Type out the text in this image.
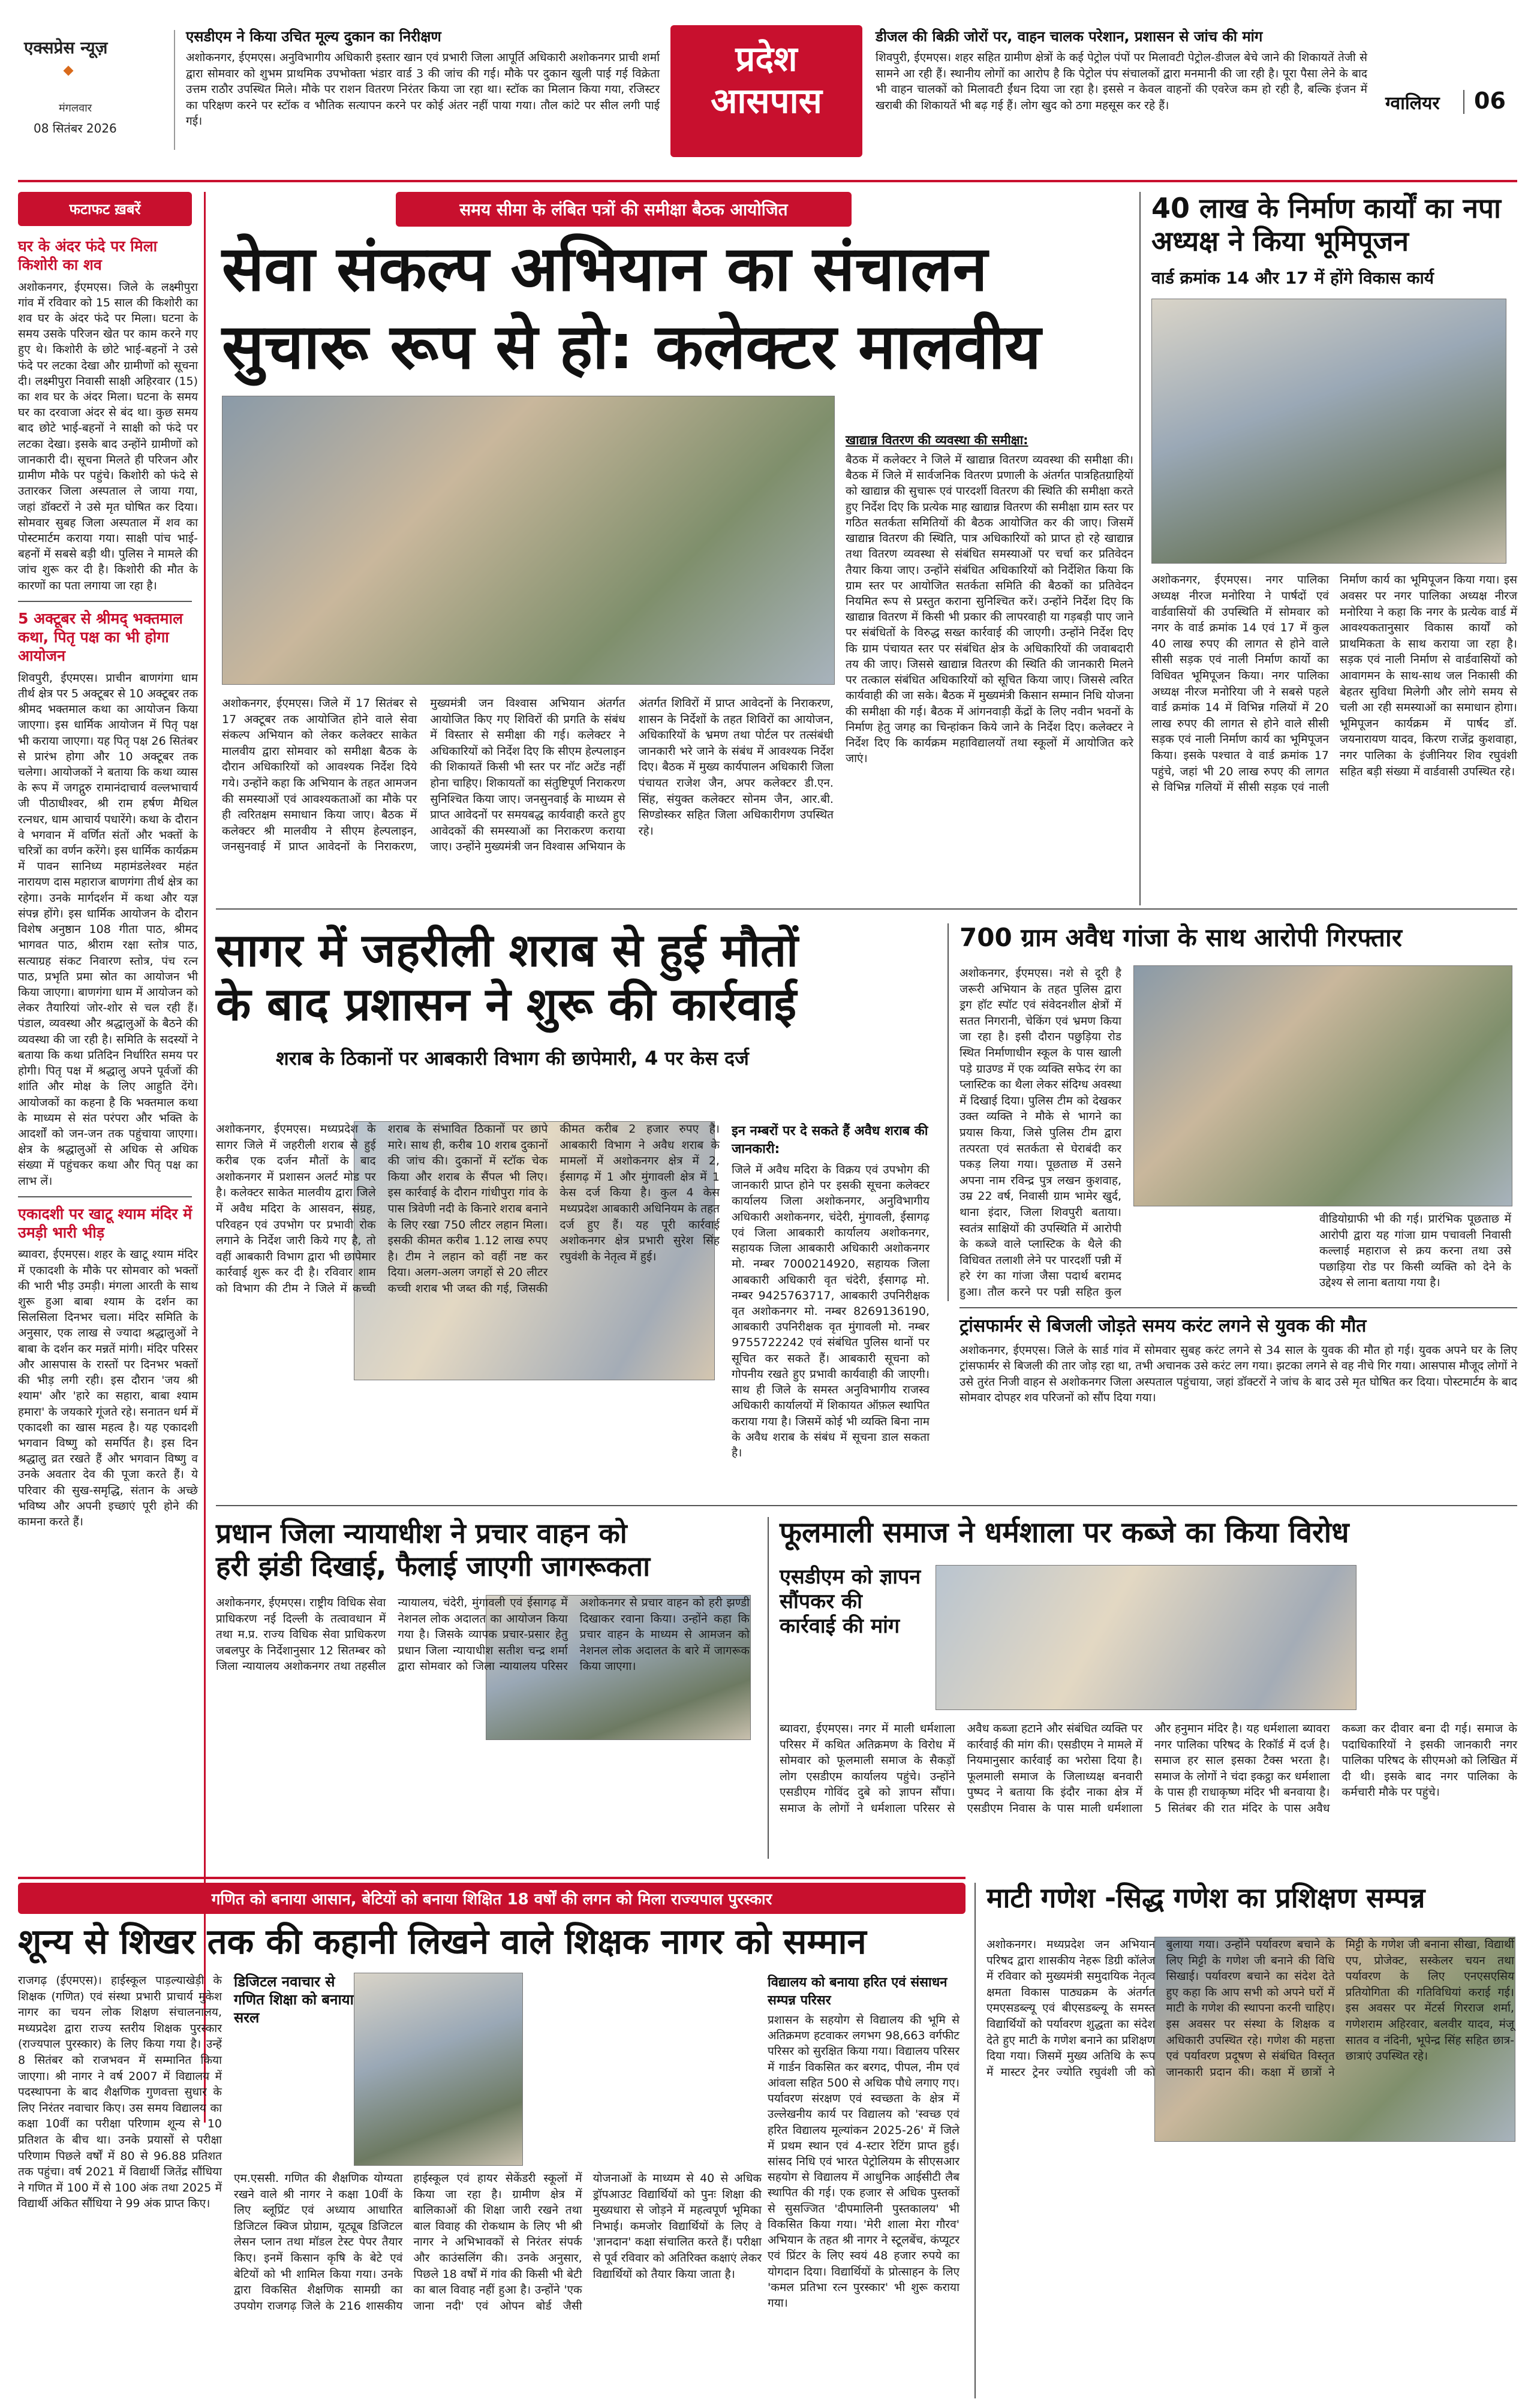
एक्सप्रेस न्यूज़
मंगलवार
08 सितंबर 2026
एसडीएम ने किया उचित मूल्य दुकान का निरीक्षण
अशोकनगर, ईएमएस। अनुविभागीय अधिकारी इस्तार खान एवं प्रभारी जिला आपूर्ति अधिकारी अशोकनगर प्राची शर्मा द्वारा सोमवार को शुभम प्राथमिक उपभोक्ता भंडार वार्ड 3 की जांच की गई। मौके पर दुकान खुली पाई गई विक्रेता उत्तम राठौर उपस्थित मिले। मौके पर राशन वितरण निरंतर किया जा रहा था। स्टॉक का मिलान किया गया, रजिस्टर का परिक्षण करने पर स्टॉक व भौतिक सत्यापन करने पर कोई अंतर नहीं पाया गया। तौल कांटे पर सील लगी पाई गई।
प्रदेश
आसपास
डीजल की बिक्री जोरों पर, वाहन चालक परेशान, प्रशासन से जांच की मांग
शिवपुरी, ईएमएस। शहर सहित ग्रामीण क्षेत्रों के कई पेट्रोल पंपों पर मिलावटी पेट्रोल-डीजल बेचे जाने की शिकायतें तेजी से सामने आ रही हैं। स्थानीय लोगों का आरोप है कि पेट्रोल पंप संचालकों द्वारा मनमानी की जा रही है। पूरा पैसा लेने के बाद भी वाहन चालकों को मिलावटी ईंधन दिया जा रहा है। इससे न केवल वाहनों की एवरेज कम हो रही है, बल्कि इंजन में खराबी की शिकायतें भी बढ़ गई हैं। लोग खुद को ठगा महसूस कर रहे हैं।	ग्वालियर 06
फटाफट ख़बरें
घर के अंदर फंदे पर मिला किशोरी का शव
अशोकनगर, ईएमएस। जिले के लक्ष्मीपुरा गांव में रविवार को 15 साल की किशोरी का शव घर के अंदर फंदे पर मिला। घटना के समय उसके परिजन खेत पर काम करने गए हुए थे। किशोरी के छोटे भाई-बहनों ने उसे फंदे पर लटका देखा और ग्रामीणों को सूचना दी। लक्ष्मीपुरा निवासी साक्षी अहिरवार (15) का शव घर के अंदर मिला। घटना के समय घर का दरवाजा अंदर से बंद था। कुछ समय बाद छोटे भाई-बहनों ने साक्षी को फंदे पर लटका देखा। इसके बाद उन्होंने ग्रामीणों को जानकारी दी। सूचना मिलते ही परिजन और ग्रामीण मौके पर पहुंचे। किशोरी को फंदे से उतारकर जिला अस्पताल ले जाया गया, जहां डॉक्टरों ने उसे मृत घोषित कर दिया। सोमवार सुबह जिला अस्पताल में शव का पोस्टमार्टम कराया गया। साक्षी पांच भाई-बहनों में सबसे बड़ी थी। पुलिस ने मामले की जांच शुरू कर दी है। किशोरी की मौत के कारणों का पता लगाया जा रहा है।
5 अक्टूबर से श्रीमद् भक्तमाल कथा, पितृ पक्ष का भी होगा आयोजन
शिवपुरी, ईएमएस। प्राचीन बाणगंगा धाम तीर्थ क्षेत्र पर 5 अक्टूबर से 10 अक्टूबर तक श्रीमद भक्तमाल कथा का आयोजन किया जाएगा। इस धार्मिक आयोजन में पितृ पक्ष भी कराया जाएगा। यह पितृ पक्ष 26 सितंबर से प्रारंभ होगा और 10 अक्टूबर तक चलेगा। आयोजकों ने बताया कि कथा व्यास के रूप में जगद्गुरु रामानंदाचार्य वल्लभाचार्य जी पीठाधीश्वर, श्री राम हर्षण मैथिल रत्नधर, धाम आचार्य पधारेंगे। कथा के दौरान वे भगवान में वर्णित संतों और भक्तों के चरित्रों का वर्णन करेंगे। इस धार्मिक कार्यक्रम में पावन सानिध्य महामंडलेश्वर महंत नारायण दास महाराज बाणगंगा तीर्थ क्षेत्र का रहेगा। उनके मार्गदर्शन में कथा और यज्ञ संपन्न होंगे। इस धार्मिक आयोजन के दौरान विशेष अनुष्ठान 108 गीता पाठ, श्रीमद भागवत पाठ, श्रीराम रक्षा स्तोत्र पाठ, सत्याग्रह संकट निवारण स्तोत्र, पंच रत्न पाठ, प्रभृति प्रमा स्रोत का आयोजन भी किया जाएगा। बाणगंगा धाम में आयोजन को लेकर तैयारियां जोर-शोर से चल रही हैं। पंडाल, व्यवस्था और श्रद्धालुओं के बैठने की व्यवस्था की जा रही है। समिति के सदस्यों ने बताया कि कथा प्रतिदिन निर्धारित समय पर होगी। पितृ पक्ष में श्रद्धालु अपने पूर्वजों की शांति और मोक्ष के लिए आहुति देंगे। आयोजकों का कहना है कि भक्तमाल कथा के माध्यम से संत परंपरा और भक्ति के आदर्शों को जन-जन तक पहुंचाया जाएगा। क्षेत्र के श्रद्धालुओं से अधिक से अधिक संख्या में पहुंचकर कथा और पितृ पक्ष का लाभ लें।
एकादशी पर खाटू श्याम मंदिर में उमड़ी भारी भीड़
ब्यावरा, ईएमएस। शहर के खाटू श्याम मंदिर में एकादशी के मौके पर सोमवार को भक्तों की भारी भीड़ उमड़ी। मंगला आरती के साथ शुरू हुआ बाबा श्याम के दर्शन का सिलसिला दिनभर चला। मंदिर समिति के अनुसार, एक लाख से ज्यादा श्रद्धालुओं ने बाबा के दर्शन कर मन्नतें मांगी। मंदिर परिसर और आसपास के रास्तों पर दिनभर भक्तों की भीड़ लगी रही। इस दौरान 'जय श्री श्याम' और 'हारे का सहारा, बाबा श्याम हमारा' के जयकारे गूंजते रहे। सनातन धर्म में एकादशी का खास महत्व है। यह एकादशी भगवान विष्णु को समर्पित है। इस दिन श्रद्धालु व्रत रखते हैं और भगवान विष्णु व उनके अवतार देव की पूजा करते हैं। ये परिवार की सुख-समृद्धि, संतान के अच्छे भविष्य और अपनी इच्छाएं पूरी होने की कामना करते हैं।
समय सीमा के लंबित पत्रों की समीक्षा बैठक आयोजित
सेवा संकल्प अभियान का संचालन
सुचारू रूप से हो: कलेक्टर मालवीय
अशोकनगर, ईएमएस। जिले में 17 सितंबर से 17 अक्टूबर तक आयोजित होने वाले सेवा संकल्प अभियान को लेकर कलेक्टर साकेत मालवीय द्वारा सोमवार को समीक्षा बैठक के दौरान अधिकारियों को आवश्यक निर्देश दिये गये। उन्होंने कहा कि अभियान के तहत आमजन की समस्याओं एवं आवश्यकताओं का मौके पर ही त्वरितक्षम समाधान किया जाए। बैठक में कलेक्टर श्री मालवीय ने सीएम हेल्पलाइन, जनसुनवाई में प्राप्त आवेदनों के निराकरण, मुख्यमंत्री जन विश्वास अभियान अंतर्गत आयोजित किए गए शिविरों की प्रगति के संबंध में विस्तार से समीक्षा की गई। कलेक्टर ने अधिकारियों को निर्देश दिए कि सीएम हेल्पलाइन की शिकायतें किसी भी स्तर पर नॉट अटेंड नहीं होना चाहिए। शिकायतों का संतुष्टिपूर्ण निराकरण सुनिश्चित किया जाए। जनसुनवाई के माध्यम से प्राप्त आवेदनों पर समयबद्ध कार्यवाही करते हुए आवेदकों की समस्याओं का निराकरण कराया जाए। उन्होंने मुख्यमंत्री जन विश्वास अभियान के अंतर्गत शिविरों में प्राप्त आवेदनों के निराकरण, शासन के निर्देशों के तहत शिविरों का आयोजन, अधिकारियों के भ्रमण तथा पोर्टल पर तत्संबंधी जानकारी भरे जाने के संबंध में आवश्यक निर्देश दिए। बैठक में मुख्य कार्यपालन अधिकारी जिला पंचायत राजेश जैन, अपर कलेक्टर डी.एन. सिंह, संयुक्त कलेक्टर सोनम जैन, आर.बी. सिण्डोस्कर सहित जिला अधिकारीगण उपस्थित रहे।
खाद्यान्न वितरण की व्यवस्था की समीक्षा:
बैठक में कलेक्टर ने जिले में खाद्यान्न वितरण व्यवस्था की समीक्षा की। बैठक में जिले में सार्वजनिक वितरण प्रणाली के अंतर्गत पात्रहितग्राहियों को खाद्यान्न की सुचारू एवं पारदर्शी वितरण की स्थिति की समीक्षा करते हुए निर्देश दिए कि प्रत्येक माह खाद्यान्न वितरण की समीक्षा ग्राम स्तर पर गठित सतर्कता समितियों की बैठक आयोजित कर की जाए। जिसमें खाद्यान्न वितरण की स्थिति, पात्र अधिकारियों को प्राप्त हो रहे खाद्यान्न तथा वितरण व्यवस्था से संबंधित समस्याओं पर चर्चा कर प्रतिवेदन तैयार किया जाए। उन्होंने संबंधित अधिकारियों को निर्देशित किया कि ग्राम स्तर पर आयोजित सतर्कता समिति की बैठकों का प्रतिवेदन नियमित रूप से प्रस्तुत कराना सुनिश्चित करें। उन्होंने निर्देश दिए कि खाद्यान्न वितरण में किसी भी प्रकार की लापरवाही या गड़बड़ी पाए जाने पर संबंधितों के विरुद्ध सख्त कार्रवाई की जाएगी। उन्होंने निर्देश दिए कि ग्राम पंचायत स्तर पर संबंधित क्षेत्र के अधिकारियों की जवाबदारी तय की जाए। जिससे खाद्यान्न वितरण की स्थिति की जानकारी मिलने पर तत्काल संबंधित अधिकारियों को सूचित किया जाए। जिससे त्वरित कार्यवाही की जा सके। बैठक में मुख्यमंत्री किसान सम्मान निधि योजना की समीक्षा की गई। बैठक में आंगनवाड़ी केंद्रों के लिए नवीन भवनों के निर्माण हेतु जगह का चिन्हांकन किये जाने के निर्देश दिए। कलेक्टर ने निर्देश दिए कि कार्यक्रम महाविद्यालयों तथा स्कूलों में आयोजित करे जाएं।
40 लाख के निर्माण कार्यों का नपा अध्यक्ष ने किया भूमिपूजन
वार्ड क्रमांक 14 और 17 में होंगे विकास कार्य
अशोकनगर, ईएमएस। नगर पालिका अध्यक्ष नीरज मनोरिया ने पार्षदों एवं वार्डवासियों की उपस्थिति में सोमवार को नगर के वार्ड क्रमांक 14 एवं 17 में कुल 40 लाख रुपए की लागत से होने वाले सीसी सड़क एवं नाली निर्माण कार्यो का विधिवत भूमिपूजन किया। नगर पालिका अध्यक्ष नीरज मनोरिया जी ने सबसे पहले वार्ड क्रमांक 14 में विभिन्न गलियों में 20 लाख रुपए की लागत से होने वाले सीसी सड़क एवं नाली निर्माण कार्य का भूमिपूजन किया। इसके पश्चात वे वार्ड क्रमांक 17 पहुंचे, जहां भी 20 लाख रुपए की लागत से विभिन्न गलियों में सीसी सड़क एवं नाली निर्माण कार्य का भूमिपूजन किया गया। इस अवसर पर नगर पालिका अध्यक्ष नीरज मनोरिया ने कहा कि नगर के प्रत्येक वार्ड में आवश्यकतानुसार विकास कार्यों को प्राथमिकता के साथ कराया जा रहा है। सड़क एवं नाली निर्माण से वार्डवासियों को आवागमन के साथ-साथ जल निकासी की बेहतर सुविधा मिलेगी और लोगे समय से चली आ रही समस्याओं का समाधान होगा। भूमिपूजन कार्यक्रम में पार्षद डॉ. जयनारायण यादव, किरण राजेंद्र कुशवाहा, नगर पालिका के इंजीनियर शिव रघुवंशी सहित बड़ी संख्या में वार्डवासी उपस्थित रहे।
सागर में जहरीली शराब से हुई मौतों
के बाद प्रशासन ने शुरू की कार्रवाई
शराब के ठिकानों पर आबकारी विभाग की छापेमारी, 4 पर केस दर्ज
अशोकनगर, ईएमएस। मध्यप्रदेश के सागर जिले में जहरीली शराब से हुई करीब एक दर्जन मौतों के बाद अशोकनगर में प्रशासन अलर्ट मोड पर है। कलेक्टर साकेत मालवीय द्वारा जिले में अवैध मदिरा के आसवन, संग्रह, परिवहन एवं उपभोग पर प्रभावी रोक लगाने के निर्देश जारी किये गए है, तो वहीं आबकारी विभाग द्वारा भी छापेमार कार्रवाई शुरू कर दी है। रविवार शाम को विभाग की टीम ने जिले में कच्ची शराब के संभावित ठिकानों पर छापे मारे। साथ ही, करीब 10 शराब दुकानों की जांच की। दुकानों में स्टॉक चेक किया और शराब के सैंपल भी लिए। इस कार्रवाई के दौरान गांधीपुरा गांव के पास त्रिवेणी नदी के किनारे शराब बनाने के लिए रखा 750 लीटर लहान मिला। इसकी कीमत करीब 1.12 लाख रुपए है। टीम ने लहान को वहीं नष्ट कर दिया। अलग-अलग जगहों से 20 लीटर कच्ची शराब भी जब्त की गई, जिसकी कीमत करीब 2 हजार रुपए है। आबकारी विभाग ने अवैध शराब के मामलों में अशोकनगर क्षेत्र में 2, ईसागढ़ में 1 और मुंगावली क्षेत्र में 1 केस दर्ज किया है। कुल 4 केस मध्यप्रदेश आबकारी अधिनियम के तहत दर्ज हुए हैं। यह पूरी कार्रवाई अशोकनगर क्षेत्र प्रभारी सुरेश सिंह रघुवंशी के नेतृत्व में हुई।
इन नम्बरों पर दे सकते हैं अवैध शराब की जानकारी:
जिले में अवैध मदिरा के विक्रय एवं उपभोग की जानकारी प्राप्त होने पर इसकी सूचना कलेक्टर कार्यालय जिला अशोकनगर, अनुविभागीय अधिकारी अशोकनगर, चंदेरी, मुंगावली, ईसागढ़ एवं जिला आबकारी कार्यालय अशोकनगर, सहायक जिला आबकारी अधिकारी अशोकनगर मो. नम्बर 7000214920, सहायक जिला आबकारी अधिकारी वृत चंदेरी, ईसागढ़ मो. नम्बर 9425763717, आबकारी उपनिरीक्षक वृत अशोकनगर मो. नम्बर 8269136190, आबकारी उपनिरीक्षक वृत मुंगावली मो. नम्बर 9755722242 एवं संबंधित पुलिस थानों पर सूचित कर सकते हैं। आबकारी सूचना को गोपनीय रखते हुए प्रभावी कार्यवाही की जाएगी। साथ ही जिले के समस्त अनुविभागीय राजस्व अधिकारी कार्यालयों में शिकायत ऑफ़ल स्थापित कराया गया है। जिसमें कोई भी व्यक्ति बिना नाम के अवैध शराब के संबंध में सूचना डाल सकता है।
700 ग्राम अवैध गांजा के साथ आरोपी गिरफ्तार
अशोकनगर, ईएमएस। नशे से दूरी है जरूरी अभियान के तहत पुलिस द्वारा ड्रग हॉट स्पॉट एवं संवेदनशील क्षेत्रों में सतत निगरानी, चेकिंग एवं भ्रमण किया जा रहा है। इसी दौरान पछुड़िया रोड स्थित निर्माणाधीन स्कूल के पास खाली पड़े ग्राउण्ड में एक व्यक्ति सफेद रंग का प्लास्टिक का थैला लेकर संदिग्ध अवस्था में दिखाई दिया। पुलिस टीम को देखकर उक्त व्यक्ति ने मौके से भागने का प्रयास किया, जिसे पुलिस टीम द्वारा तत्परता एवं सतर्कता से घेराबंदी कर पकड़ लिया गया। पूछताछ में उसने अपना नाम रविन्द्र पुत्र लखन कुशवाह, उम्र 22 वर्ष, निवासी ग्राम भामेर खुर्द, थाना इंदार, जिला शिवपुरी बताया। स्वतंत्र साक्षियों की उपस्थिति में आरोपी के कब्जे वाले प्लास्टिक के थैले की विधिवत तलाशी लेने पर पारदर्शी पन्नी में हरे रंग का गांजा जैसा पदार्थ बरामद हुआ। तौल करने पर पन्नी सहित कुल
वीडियोग्राफी भी की गई। प्रारंभिक पूछताछ में आरोपी द्वारा यह गांजा ग्राम पचावली निवासी कल्लाई महाराज से क्रय करना तथा उसे पछाड़िया रोड पर किसी व्यक्ति को देने के उद्देश्य से लाना बताया गया है।
ट्रांसफार्मर से बिजली जोड़ते समय करंट लगने से युवक की मौत
अशोकनगर, ईएमएस। जिले के सार्ड गांव में सोमवार सुबह करंट लगने से 34 साल के युवक की मौत हो गई। युवक अपने घर के लिए ट्रांसफार्मर से बिजली की तार जोड़ रहा था, तभी अचानक उसे करंट लग गया। झटका लगने से वह नीचे गिर गया। आसपास मौजूद लोगों ने उसे तुरंत निजी वाहन से अशोकनगर जिला अस्पताल पहुंचाया, जहां डॉक्टरों ने जांच के बाद उसे मृत घोषित कर दिया। पोस्टमार्टम के बाद सोमवार दोपहर शव परिजनों को सौंप दिया गया।
प्रधान जिला न्यायाधीश ने प्रचार वाहन को
हरी झंडी दिखाई, फैलाई जाएगी जागरूकता
अशोकनगर, ईएमएस। राष्ट्रीय विधिक सेवा प्राधिकरण नई दिल्ली के तत्वावधान में तथा म.प्र. राज्य विधिक सेवा प्राधिकरण जबलपुर के निर्देशानुसार 12 सितम्बर को जिला न्यायालय अशोकनगर तथा तहसील न्यायालय, चंदेरी, मुंगावली एवं ईसागढ़ में नेशनल लोक अदालत का आयोजन किया गया है। जिसके व्यापक प्रचार-प्रसार हेतु प्रधान जिला न्यायाधीश सतीश चन्द्र शर्मा द्वारा सोमवार को जिला न्यायालय परिसर अशोकनगर से प्रचार वाहन को हरी झण्डी दिखाकर रवाना किया। उन्होंने कहा कि प्रचार वाहन के माध्यम से आमजन को नेशनल लोक अदालत के बारे में जागरूक किया जाएगा।
फूलमाली समाज ने धर्मशाला पर कब्जे का किया विरोध
एसडीएम को ज्ञापन सौंपकर की कार्रवाई की मांग
ब्यावरा, ईएमएस। नगर में माली धर्मशाला परिसर में कथित अतिक्रमण के विरोध में सोमवार को फूलमाली समाज के सैकड़ों लोग एसडीएम कार्यालय पहुंचे। उन्होंने एसडीएम गोविंद दुबे को ज्ञापन सौंपा। समाज के लोगों ने धर्मशाला परिसर से अवैध कब्जा हटाने और संबंधित व्यक्ति पर कार्रवाई की मांग की। एसडीएम ने मामले में नियमानुसार कार्रवाई का भरोसा दिया है। फूलमाली समाज के जिलाध्यक्ष बनवारी पुष्पद ने बताया कि इंदौर नाका क्षेत्र में एसडीएम निवास के पास माली धर्मशाला और हनुमान मंदिर है। यह धर्मशाला ब्यावरा नगर पालिका परिषद के रिकॉर्ड में दर्ज है। समाज हर साल इसका टैक्स भरता है। समाज के लोगों ने चंदा इकट्ठा कर धर्मशाला के पास ही राधाकृष्ण मंदिर भी बनवाया है। 5 सितंबर की रात मंदिर के पास अवैध कब्जा कर दीवार बना दी गई। समाज के पदाधिकारियों ने इसकी जानकारी नगर पालिका परिषद के सीएमओ को लिखित में दी थी। इसके बाद नगर पालिका के कर्मचारी मौके पर पहुंचे।
गणित को बनाया आसान, बेटियों को बनाया शिक्षित 18 वर्षों की लगन को मिला राज्यपाल पुरस्कार
शून्य से शिखर तक की कहानी लिखने वाले शिक्षक नागर को सम्मान
राजगढ़ (ईएमएस)। हाईस्कूल पाड़ल्याखेड़ी के शिक्षक (गणित) एवं संस्था प्रभारी प्राचार्य मुकेश नागर का चयन लोक शिक्षण संचालनालय, मध्यप्रदेश द्वारा राज्य स्तरीय शिक्षक पुरस्कार (राज्यपाल पुरस्कार) के लिए किया गया है। उन्हें 8 सितंबर को राजभवन में सम्मानित किया जाएगा। श्री नागर ने वर्ष 2007 में विद्यालय में पदस्थापना के बाद शैक्षणिक गुणवत्ता सुधार के लिए निरंतर नवाचार किए। उस समय विद्यालय का कक्षा 10वीं का परीक्षा परिणाम शून्य से 10 प्रतिशत के बीच था। उनके प्रयासों से परीक्षा परिणाम पिछले वर्षों में 80 से 96.88 प्रतिशत तक पहुंचा। वर्ष 2021 में विद्यार्थी जितेंद्र सौंधिया ने गणित में 100 में से 100 अंक तथा 2025 में विद्यार्थी अंकित सौंधिया ने 99 अंक प्राप्त किए।
डिजिटल नवाचार से गणित शिक्षा को बनाया सरल
एम.एससी. गणित की शैक्षणिक योग्यता रखने वाले श्री नागर ने कक्षा 10वीं के लिए ब्लूप्रिंट एवं अध्याय आधारित डिजिटल क्विज प्रोग्राम, यूट्यूब डिजिटल लेसन प्लान तथा मॉडल टेस्ट पेपर तैयार किए। इनमें किसान कृषि के बेटे एवं बेटियों को भी शामिल किया गया। उनके द्वारा विकसित शैक्षणिक सामग्री का उपयोग राजगढ़ जिले के 216 शासकीय हाईस्कूल एवं हायर सेकेंडरी स्कूलों में किया जा रहा है। ग्रामीण क्षेत्र में बालिकाओं की शिक्षा जारी रखने तथा बाल विवाह की रोकथाम के लिए भी श्री नागर ने अभिभावकों से निरंतर संपर्क और काउंसलिंग की। उनके अनुसार, पिछले 18 वर्षों में गांव की किसी भी बेटी का बाल विवाह नहीं हुआ है। उन्होंने 'एक जाना नदी' एवं ओपन बोर्ड जैसी योजनाओं के माध्यम से 40 से अधिक ड्रॉपआउट विद्यार्थियों को पुनः शिक्षा की मुख्यधारा से जोड़ने में महत्वपूर्ण भूमिका निभाई। कमजोर विद्यार्थियों के लिए वे 'ज्ञानदान' कक्षा संचालित करते हैं। परीक्षा से पूर्व रविवार को अतिरिक्त कक्षाएं लेकर विद्यार्थियों को तैयार किया जाता है।
विद्यालय को बनाया हरित एवं संसाधन सम्पन्न परिसर
प्रशासन के सहयोग से विद्यालय की भूमि से अतिक्रमण हटवाकर लगभग 98,663 वर्गफीट परिसर को सुरक्षित किया गया। विद्यालय परिसर में गार्डन विकसित कर बरगद, पीपल, नीम एवं आंवला सहित 500 से अधिक पौधे लगाए गए। पर्यावरण संरक्षण एवं स्वच्छता के क्षेत्र में उल्लेखनीय कार्य पर विद्यालय को 'स्वच्छ एवं हरित विद्यालय मूल्यांकन 2025-26' में जिले में प्रथम स्थान एवं 4-स्टार रेटिंग प्राप्त हुई। सांसद निधि एवं भारत पेट्रोलियम के सीएसआर सहयोग से विद्यालय में आधुनिक आईसीटी लैब स्थापित की गई। एक हजार से अधिक पुस्तकों से सुसज्जित 'दीपमालिनी पुस्तकालय' भी विकसित किया गया। 'मेरी शाला मेरा गौरव' अभियान के तहत श्री नागर ने स्टूलबेंच, कंप्यूटर एवं प्रिंटर के लिए स्वयं 48 हजार रुपये का योगदान दिया। विद्यार्थियों के प्रोत्साहन के लिए 'कमल प्रतिभा रत्न पुरस्कार' भी शुरू कराया गया।
माटी गणेश -सिद्ध गणेश का प्रशिक्षण सम्पन्न
अशोकनगर। मध्यप्रदेश जन अभियान परिषद द्वारा शासकीय नेहरू डिग्री कॉलेज में रविवार को मुख्यमंत्री समुदायिक नेतृत्व क्षमता विकास पाठ्यक्रम के अंतर्गत एमएसडब्ल्यू एवं बीएसडब्ल्यू के समस्त विद्यार्थियों को पर्यावरण शुद्धता का संदेश देते हुए माटी के गणेश बनाने का प्रशिक्षण दिया गया। जिसमें मुख्य अतिथि के रूप में मास्टर ट्रेनर ज्योति रघुवंशी जी को बुलाया गया। उन्होंने पर्यावरण बचाने के लिए मिट्टी के गणेश जी बनाने की विधि सिखाई। पर्यावरण बचाने का संदेश देते हुए कहा कि आप सभी को अपने घरों में माटी के गणेश की स्थापना करनी चाहिए। इस अवसर पर संस्था के शिक्षक व अधिकारी उपस्थित रहे। गणेश की महत्ता एवं पर्यावरण प्रदूषण से संबंधित विस्तृत जानकारी प्रदान की। कक्षा में छात्रों ने मिट्टी के गणेश जी बनाना सीखा, विद्यार्थी एप, प्रोजेक्ट, सस्केलर चयन तथा पर्यावरण के लिए एनएसएसिय प्रतियोगिता की गतिविधियां कराई गई। इस अवसर पर मेंटर्स गिरराज शर्मा, गणेशराम अहिरवार, बलवीर यादव, मंजू सातव व नंदिनी, भूपेन्द्र सिंह सहित छात्र-छात्राएं उपस्थित रहे।
